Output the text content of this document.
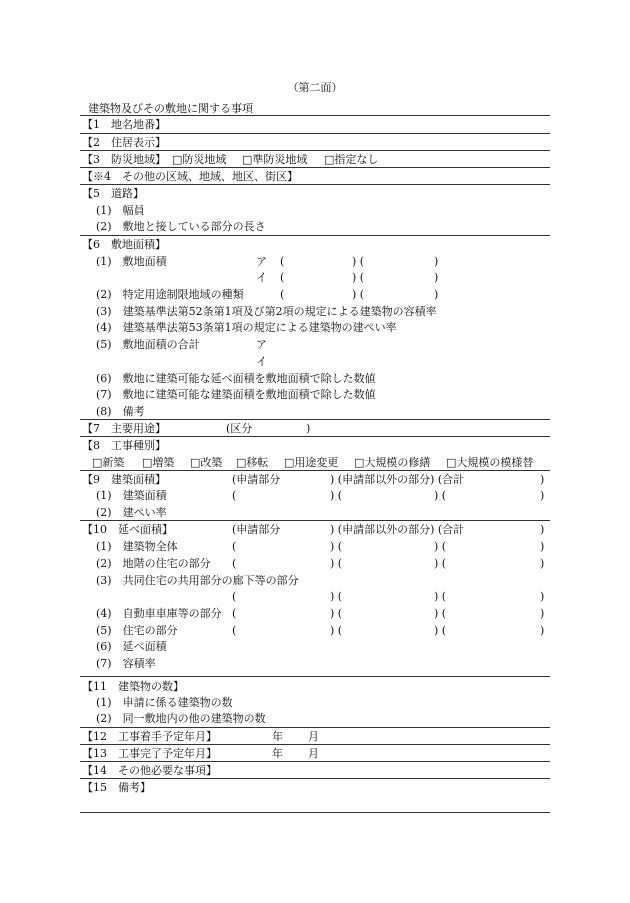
（第二面）
建築物及びその敷地に関する事項
【1　地名地番】
【2　住居表示】
【3　防災地域】 □防災地域 □準防災地域 □指定なし
【※4　その他の区域、地域、地区、街区】
【5　道路】
(1)　幅員
(2)　敷地と接している部分の長さ
【6　敷地面積】
(1)　敷地面積	ア (	) (	)
イ (	) (	)
(2)　特定用途制限地域の種類	(	) (	)
(3)　建築基準法第52条第1項及び第2項の規定による建築物の容積率
(4)　建築基準法第53条第1項の規定による建築物の建ぺい率
(5)　敷地面積の合計	ア
イ
(6)　敷地に建築可能な延べ面積を敷地面積で除した数値
(7)　敷地に建築可能な建築面積を敷地面積で除した数値
(8)　備考
【7　主要用途】	(区分	)
【8　工事種別】
□新築 □増築 □改築 □移転 □用途変更 □大規模の修繕 □大規模の模様替
【9　建築面積】	(申請部分	) (申請部以外の部分) (合計	)
(1)　建築面積	(	) (	) (	)
(2)　建ぺい率
【10　延べ面積】	(申請部分	) (申請部以外の部分) (合計	)
(1)　建築物全体	(	) (	) (	)
(2)　地階の住宅の部分 (	) (	) (	)
(3)　共同住宅の共用部分の廊下等の部分
(	) (	) (	)
(4)　自動車車庫等の部分 (	) (	) (	)
(5)　住宅の部分	(	) (	) (	)
(6)　延べ面積
(7)　容積率
【11　建築物の数】
(1)　申請に係る建築物の数
(2)　同一敷地内の他の建築物の数
【12　工事着手予定年月】	年 月
【13　工事完了予定年月】	年 月
【14　その他必要な事項】
【15　備考】
